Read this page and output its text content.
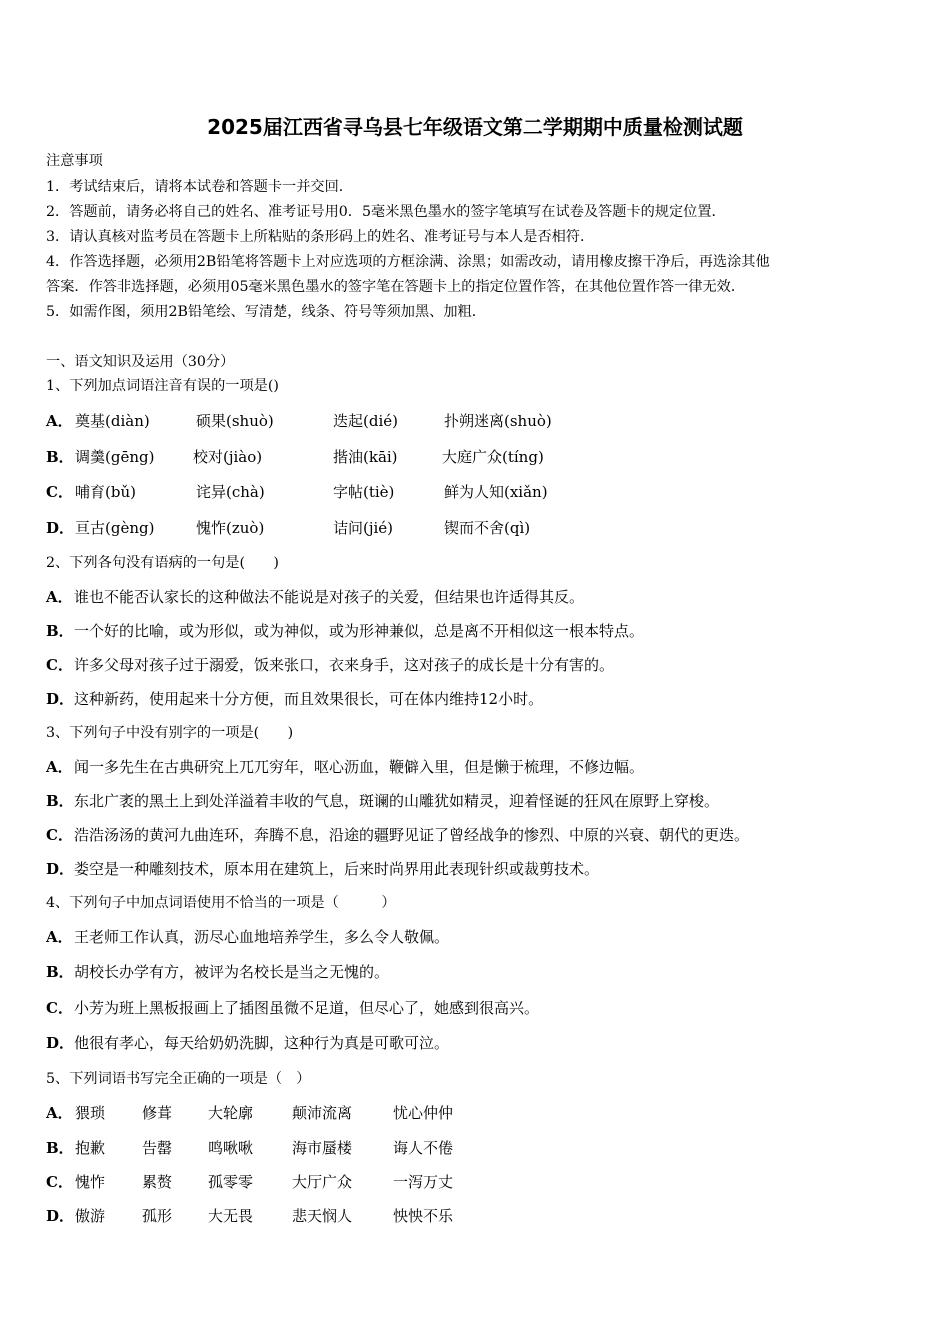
2025届江西省寻乌县七年级语文第二学期期中质量检测试题
注意事项
1．考试结束后，请将本试卷和答题卡一并交回．
2．答题前，请务必将自己的姓名、准考证号用0．5毫米黑色墨水的签字笔填写在试卷及答题卡的规定位置．
3．请认真核对监考员在答题卡上所粘贴的条形码上的姓名、准考证号与本人是否相符．
4．作答选择题，必须用2B铅笔将答题卡上对应选项的方框涂满、涂黑；如需改动，请用橡皮擦干净后，再选涂其他
答案．作答非选择题，必须用05毫米黑色墨水的签字笔在答题卡上的指定位置作答，在其他位置作答一律无效．
5．如需作图，须用2B铅笔绘、写清楚，线条、符号等须加黑、加粗．
一、语文知识及运用（30分）
1、下列加点词语注音有误的一项是()
A． 奠基(diàn)	硕果(shuò)	迭起(dié)	扑朔迷离(shuò)
B． 调羹(gēng)	校对(jiào)	揩油(kāi)	大庭广众(tíng)
C． 哺育(bǔ)	诧异(chà)	字帖(tiè)	鲜为人知(xiǎn)
D． 亘古(gèng)	愧怍(zuò)	诘问(jié)	锲而不舍(qì)
2、下列各句没有语病的一句是(　　)
A．谁也不能否认家长的这种做法不能说是对孩子的关爱，但结果也许适得其反。
B．一个好的比喻，或为形似，或为神似，或为形神兼似，总是离不开相似这一根本特点。
C．许多父母对孩子过于溺爱，饭来张口，衣来身手，这对孩子的成长是十分有害的。
D．这种新药，使用起来十分方便，而且效果很长，可在体内维持12小时。
3、下列句子中没有别字的一项是(　　)
A．闻一多先生在古典研究上兀兀穷年，呕心沥血，鞭僻入里，但是懒于梳理，不修边幅。
B．东北广袤的黑土上到处洋溢着丰收的气息，斑谰的山雕犹如精灵，迎着怪诞的狂风在原野上穿梭。
C．浩浩汤汤的黄河九曲连环，奔腾不息，沿途的疆野见证了曾经战争的惨烈、中原的兴衰、朝代的更迭。
D．娄空是一种雕刻技术，原本用在建筑上，后来时尚界用此表现针织或裁剪技术。
4、下列句子中加点词语使用不恰当的一项是（　　　）
A．王老师工作认真，沥尽心血地培养学生，多么令人敬佩。
B．胡校长办学有方，被评为名校长是当之无愧的。
C．小芳为班上黑板报画上了插图虽微不足道，但尽心了，她感到很高兴。
D．他很有孝心，每天给奶奶洗脚，这种行为真是可歌可泣。
5、下列词语书写完全正确的一项是（　）
A． 猥琐 修葺 大轮廓	颠沛流离	忧心仲仲
B． 抱歉 告罄 鸣啾啾	海市蜃楼	诲人不倦
C． 愧怍 累赘 孤零零	大厅广众	一泻万丈
D． 傲游 孤形 大无畏	悲天悯人	怏怏不乐
